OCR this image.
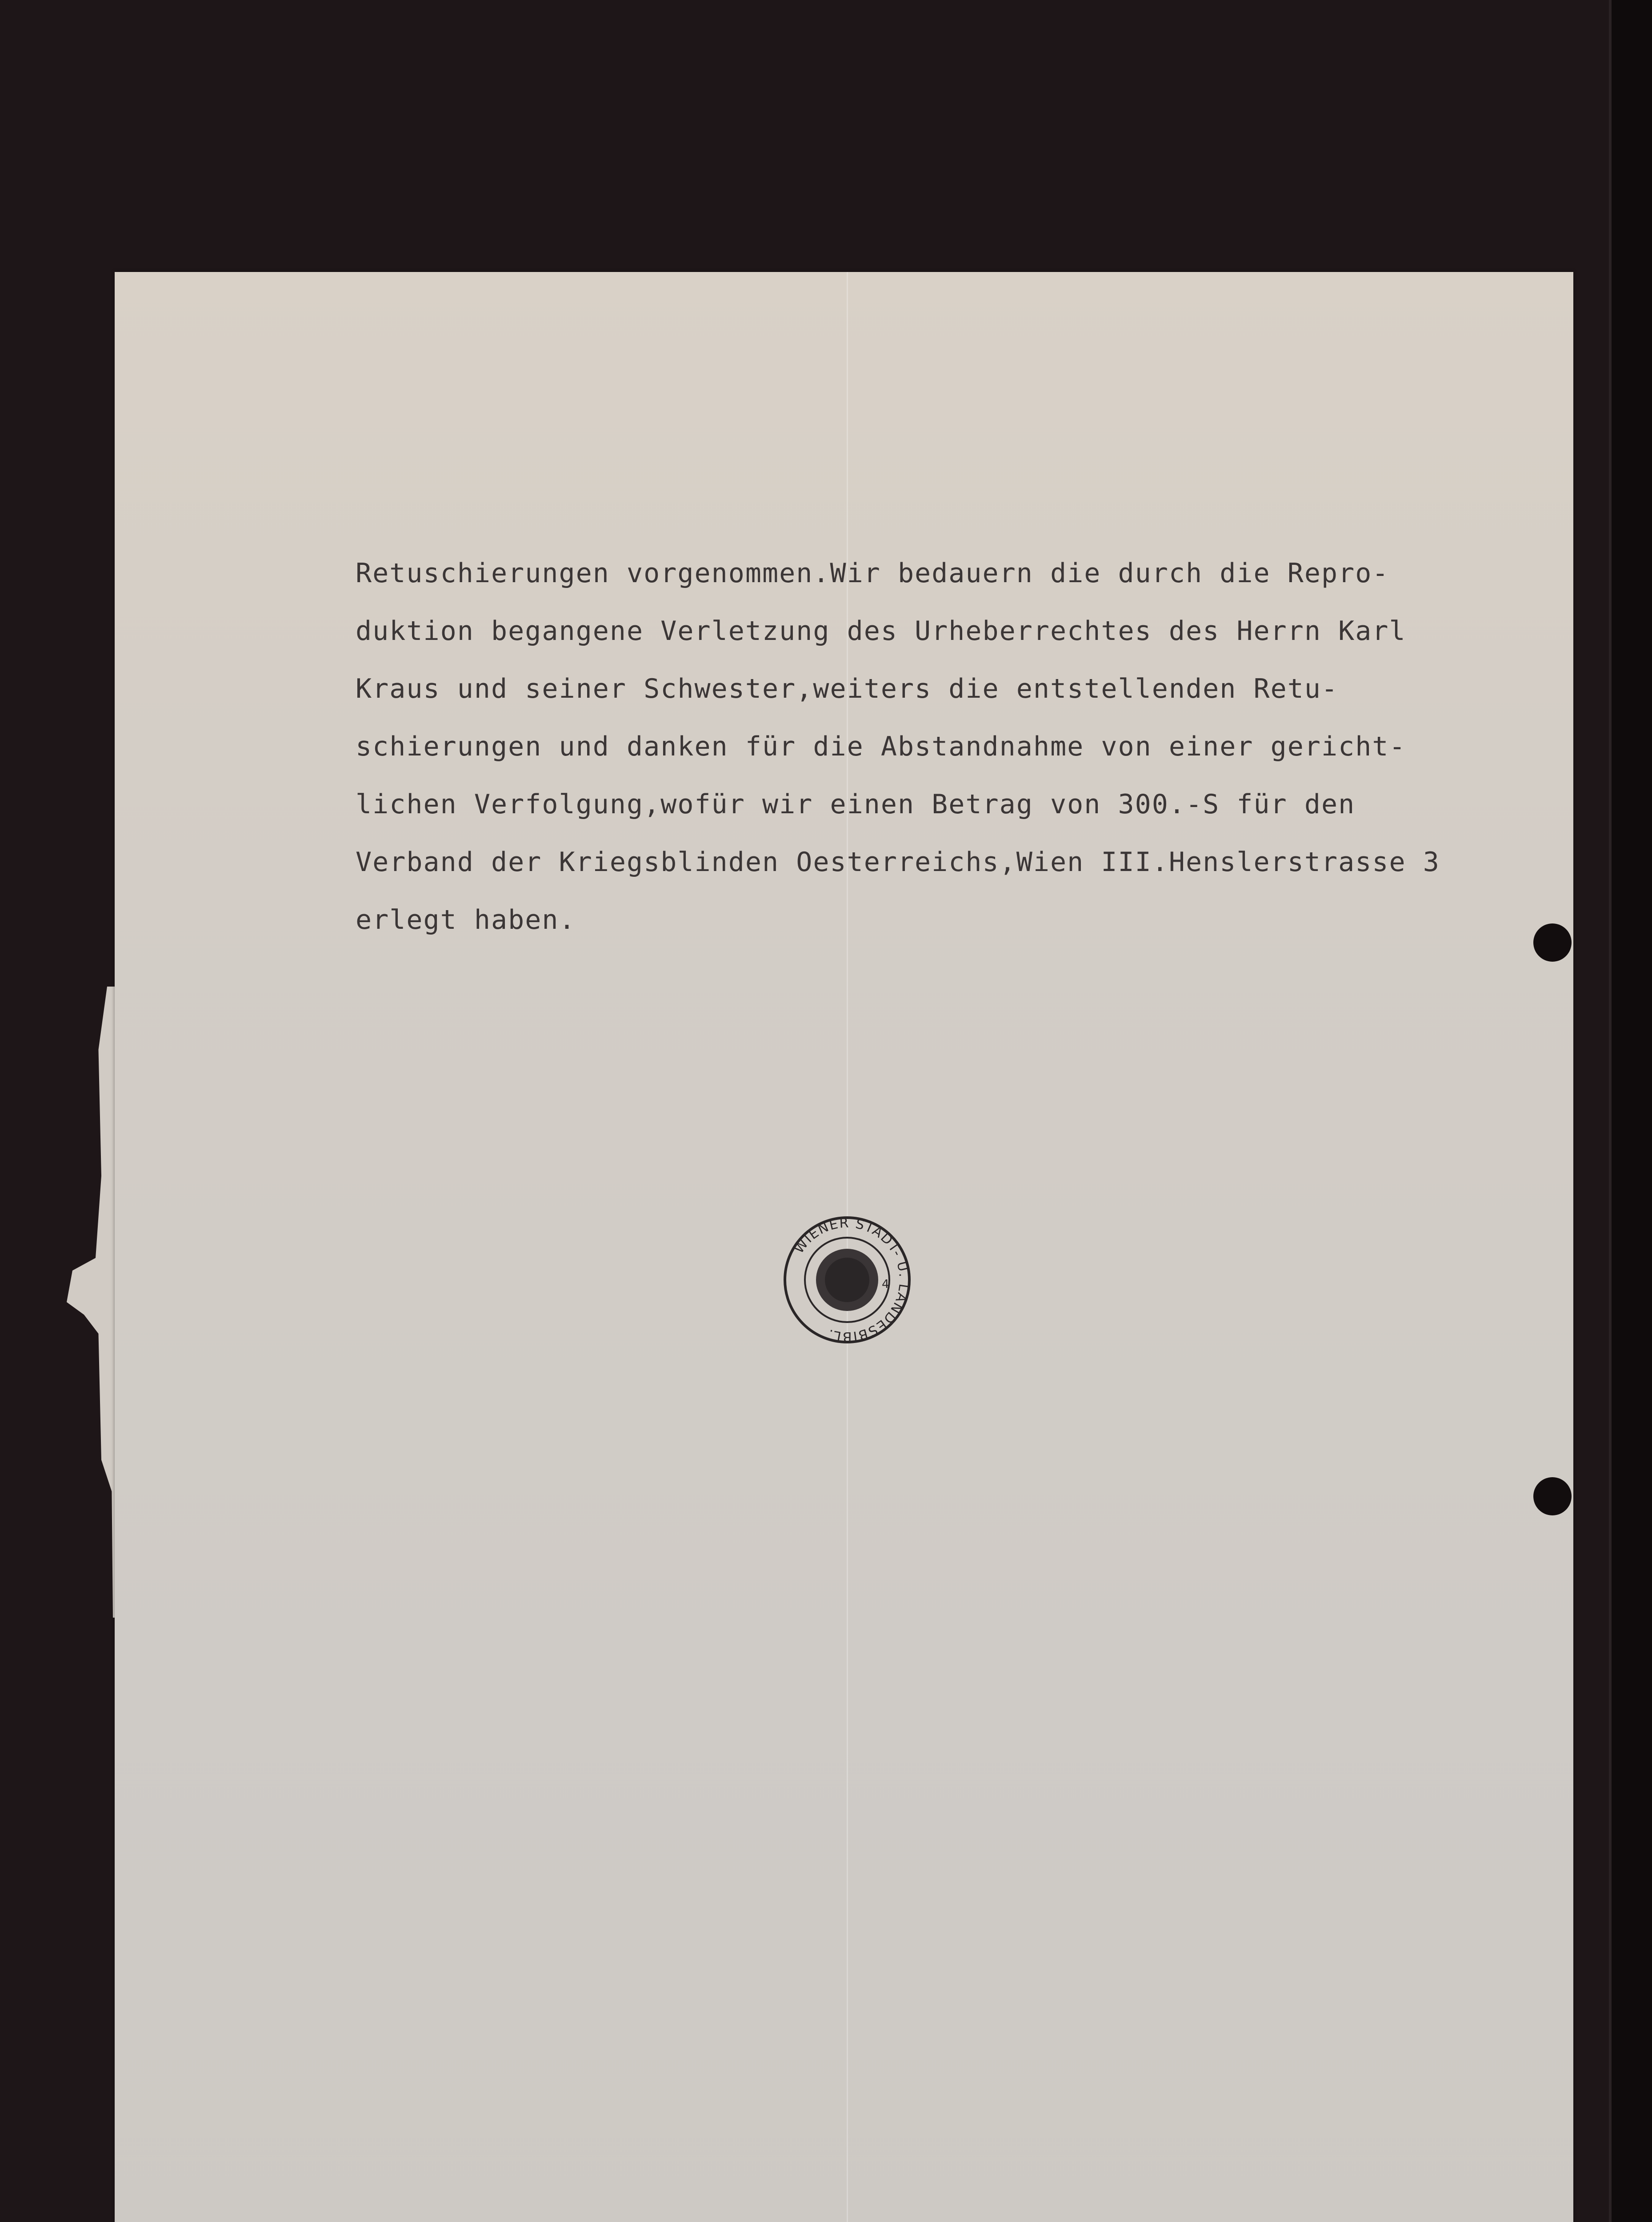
Retuschierungen vorgenommen.Wir bedauern die durch die Repro-
duktion begangene Verletzung des Urheberrechtes des Herrn Karl
Kraus und seiner Schwester,weiters die entstellenden Retu-
schierungen und danken für die Abstandnahme von einer gericht-
lichen Verfolgung,wofür wir einen Betrag von 300.-S für den
Verband der Kriegsblinden Oesterreichs,Wien III.Henslerstrasse 3
erlegt haben.
WIENER STADT- U. LANDESBIBL.
4
